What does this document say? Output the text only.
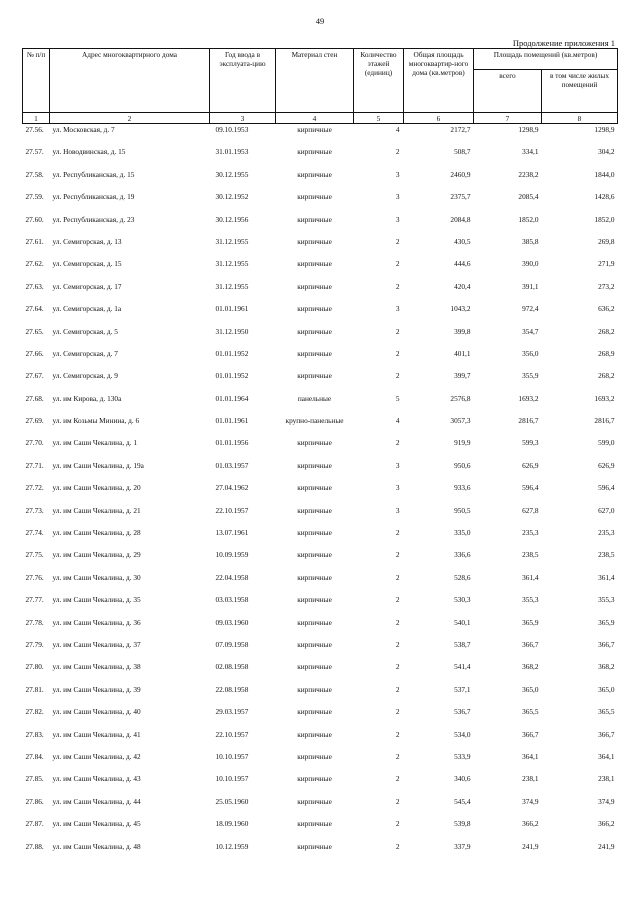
49
Продолжение приложения 1
№ п/п	Адрес многоквартирного дома	Год ввода в эксплуата-цию	Материал стен	Количество этажей (единиц)	Общая площадь многоквартир-ного дома (кв.метров)	Площадь помещений (кв.метров)	
						всего	в том числе жилых помещений
1	2	3	4	5	6	7	8
27.56.	ул. Московская, д. 7	09.10.1953	кирпичные	4	2172,7	1298,9	1298,9
27.57.	ул. Новодвинская, д. 15	31.01.1953	кирпичные	2	508,7	334,1	304,2
27.58.	ул. Республиканская, д. 15	30.12.1955	кирпичные	3	2460,9	2238,2	1844,0
27.59.	ул. Республиканская, д. 19	30.12.1952	кирпичные	3	2375,7	2085,4	1428,6
27.60.	ул. Республиканская, д. 23	30.12.1956	кирпичные	3	2084,8	1852,0	1852,0
27.61.	ул. Семигорская, д. 13	31.12.1955	кирпичные	2	430,5	385,8	269,8
27.62.	ул. Семигорская, д. 15	31.12.1955	кирпичные	2	444,6	390,0	271,9
27.63.	ул. Семигорская, д. 17	31.12.1955	кирпичные	2	420,4	391,1	273,2
27.64.	ул. Семигорская, д. 1а	01.01.1961	кирпичные	3	1043,2	972,4	636,2
27.65.	ул. Семигорская, д. 5	31.12.1950	кирпичные	2	399,8	354,7	268,2
27.66.	ул. Семигорская, д. 7	01.01.1952	кирпичные	2	401,1	356,0	268,9
27.67.	ул. Семигорская, д. 9	01.01.1952	кирпичные	2	399,7	355,9	268,2
27.68.	ул. им Кирова, д. 130а	01.01.1964	панельные	5	2576,8	1693,2	1693,2
27.69.	ул. им Козьмы Минина, д. 6	01.01.1961	крупно-панельные	4	3057,3	2816,7	2816,7
27.70.	ул. им Саши Чекалина, д. 1	01.01.1956	кирпичные	2	919,9	599,3	599,0
27.71.	ул. им Саши Чекалина, д. 19а	01.03.1957	кирпичные	3	950,6	626,9	626,9
27.72.	ул. им Саши Чекалина, д. 20	27.04.1962	кирпичные	3	933,6	596,4	596,4
27.73.	ул. им Саши Чекалина, д. 21	22.10.1957	кирпичные	3	950,5	627,8	627,0
27.74.	ул. им Саши Чекалина, д. 28	13.07.1961	кирпичные	2	335,0	235,3	235,3
27.75.	ул. им Саши Чекалина, д. 29	10.09.1959	кирпичные	2	336,6	238,5	238,5
27.76.	ул. им Саши Чекалина, д. 30	22.04.1958	кирпичные	2	528,6	361,4	361,4
27.77.	ул. им Саши Чекалина, д. 35	03.03.1958	кирпичные	2	530,3	355,3	355,3
27.78.	ул. им Саши Чекалина, д. 36	09.03.1960	кирпичные	2	540,1	365,9	365,9
27.79.	ул. им Саши Чекалина, д. 37	07.09.1958	кирпичные	2	538,7	366,7	366,7
27.80.	ул. им Саши Чекалина, д. 38	02.08.1958	кирпичные	2	541,4	368,2	368,2
27.81.	ул. им Саши Чекалина, д. 39	22.08.1958	кирпичные	2	537,1	365,0	365,0
27.82.	ул. им Саши Чекалина, д. 40	29.03.1957	кирпичные	2	536,7	365,5	365,5
27.83.	ул. им Саши Чекалина, д. 41	22.10.1957	кирпичные	2	534,0	366,7	366,7
27.84.	ул. им Саши Чекалина, д. 42	10.10.1957	кирпичные	2	533,9	364,1	364,1
27.85.	ул. им Саши Чекалина, д. 43	10.10.1957	кирпичные	2	340,6	238,1	238,1
27.86.	ул. им Саши Чекалина, д. 44	25.05.1960	кирпичные	2	545,4	374,9	374,9
27.87.	ул. им Саши Чекалина, д. 45	18.09.1960	кирпичные	2	539,8	366,2	366,2
27.88.	ул. им Саши Чекалина, д. 48	10.12.1959	кирпичные	2	337,9	241,9	241,9
